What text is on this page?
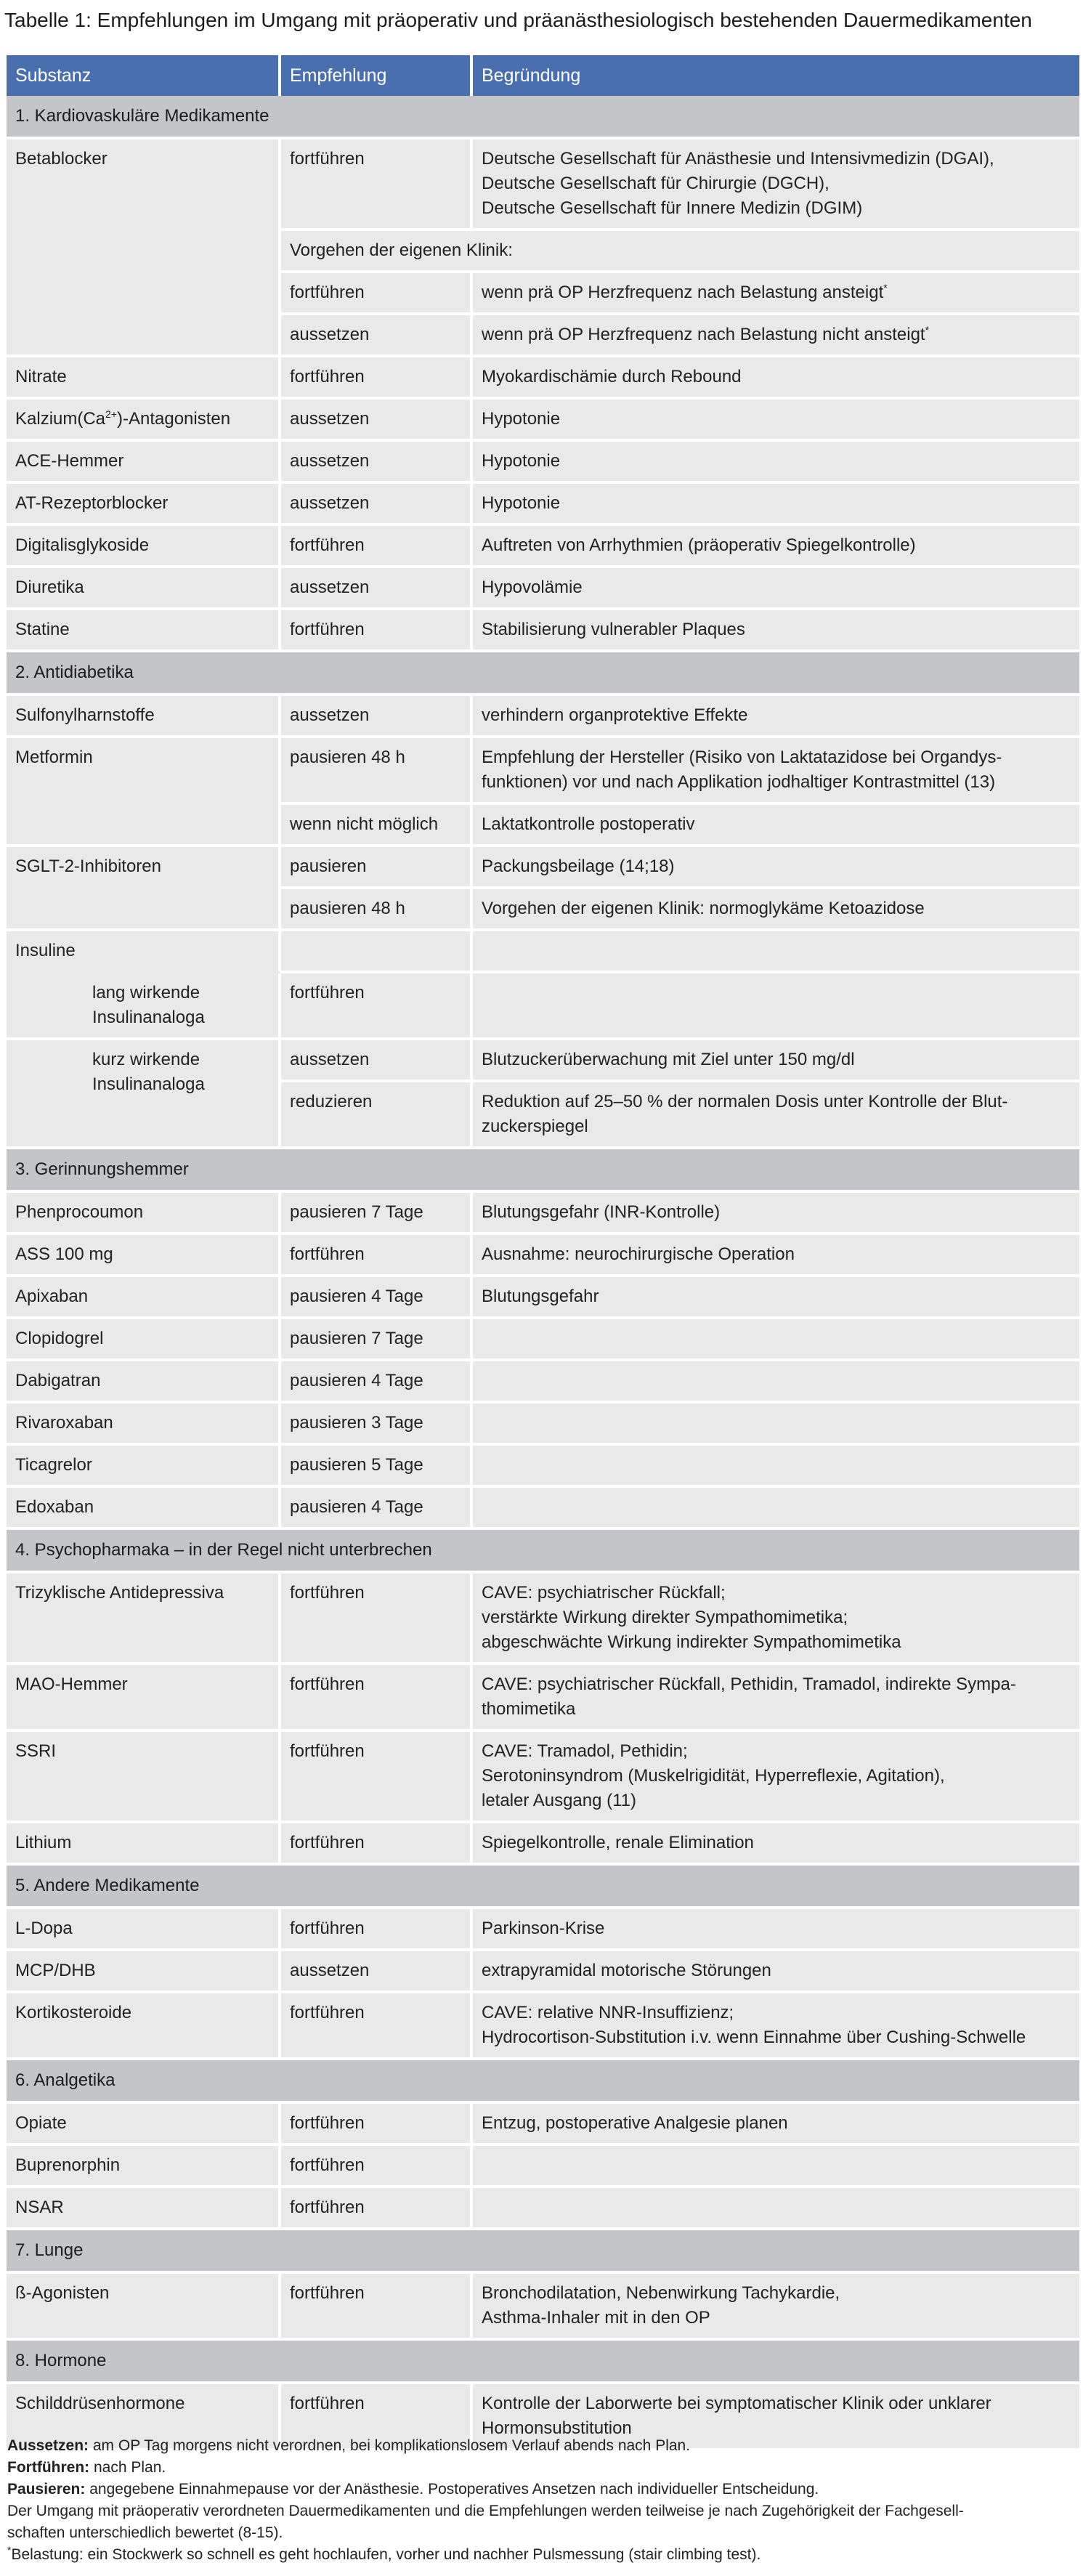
Tabelle 1: Empfehlungen im Umgang mit präoperativ und präanästhesiologisch bestehenden Dauermedikamenten
Substanz	Empfehlung	Begründung
1. Kardiovaskuläre Medikamente		
Betablocker	fortführen	Deutsche Gesellschaft für Anästhesie und Intensivmedizin (DGAI),
Deutsche Gesellschaft für Chirurgie (DGCH),
Deutsche Gesellschaft für Innere Medizin (DGIM)

	Vorgehen der eigenen Klinik:	
	fortführen	wenn prä OP Herzfrequenz nach Belastung ansteigt*
	aussetzen	wenn prä OP Herzfrequenz nach Belastung nicht ansteigt*
Nitrate	fortführen	Myokardischämie durch Rebound
$Kalzium(Ca^{2+})$-Antagonisten	aussetzen	Hypotonie
ACE-Hemmer	aussetzen	Hypotonie
AT-Rezeptorblocker	aussetzen	Hypotonie
Digitalisglykoside	fortführen	Auftreten von Arrhythmien (präoperativ Spiegelkontrolle)
Diuretika	aussetzen	Hypovolämie
Statine	fortführen	Stabilisierung vulnerabler Plaques
2. Antidiabetika		
Sulfonylharnstoffe	aussetzen	verhindern organprotektive Effekte
Metformin	pausieren 48 h	Empfehlung der Hersteller (Risiko von Laktatazidose bei Organdys-
funktionen) vor und nach Applikation jodhaltiger Kontrastmittel (13)

	wenn nicht möglich	Laktatkontrolle postoperativ
SGLT-2-Inhibitoren	pausieren	Packungsbeilage (14;18)
	pausieren 48 h	Vorgehen der eigenen Klinik: normoglykäme Ketoazidose
Insuline		

lang wirkende
Insulinanaloga	fortführen	

kurz wirkende
Insulinanaloga	aussetzen	Blutzuckerüberwachung mit Ziel unter 150 mg/dl
	reduzieren	Reduktion auf 25–50 % der normalen Dosis unter Kontrolle der Blut-
zuckerspiegel

3. Gerinnungshemmer		
Phenprocoumon	pausieren 7 Tage	Blutungsgefahr (INR-Kontrolle)
ASS 100 mg	fortführen	Ausnahme: neurochirurgische Operation
Apixaban	pausieren 4 Tage	Blutungsgefahr
Clopidogrel	pausieren 7 Tage	
Dabigatran	pausieren 4 Tage	
Rivaroxaban	pausieren 3 Tage	
Ticagrelor	pausieren 5 Tage	
Edoxaban	pausieren 4 Tage	
4. Psychopharmaka – in der Regel nicht unterbrechen		
Trizyklische Antidepressiva	fortführen	CAVE: psychiatrischer Rückfall;
verstärkte Wirkung direkter Sympathomimetika;
abgeschwächte Wirkung indirekter Sympathomimetika

MAO-Hemmer	fortführen	CAVE: psychiatrischer Rückfall, Pethidin, Tramadol, indirekte Sympa-
thomimetika

SSRI	fortführen	CAVE: Tramadol, Pethidin;
Serotoninsyndrom (Muskelrigidität, Hyperreflexie, Agitation),
letaler Ausgang (11)

Lithium	fortführen	Spiegelkontrolle, renale Elimination
5. Andere Medikamente		
L-Dopa	fortführen	Parkinson-Krise
MCP/DHB	aussetzen	extrapyramidal motorische Störungen
Kortikosteroide	fortführen	CAVE: relative NNR-Insuffizienz;
Hydrocortison-Substitution i.v. wenn Einnahme über Cushing-Schwelle

6. Analgetika		
Opiate	fortführen	Entzug, postoperative Analgesie planen
Buprenorphin	fortführen	
NSAR	fortführen	
7. Lunge		
ß-Agonisten	fortführen	Bronchodilatation, Nebenwirkung Tachykardie,
Asthma-Inhaler mit in den OP

8. Hormone		
Schilddrüsenhormone	fortführen	Kontrolle der Laborwerte bei symptomatischer Klinik oder unklarer
Hormonsubstitution

Aussetzen: am OP Tag morgens nicht verordnen, bei komplikationslosem Verlauf abends nach Plan.

Fortführen: nach Plan.

Pausieren: angegebene Einnahmepause vor der Anästhesie. Postoperatives Ansetzen nach individueller Entscheidung.

Der Umgang mit präoperativ verordneten Dauermedikamenten und die Empfehlungen werden teilweise je nach Zugehörigkeit der Fachgesell-

schaften unterschiedlich bewertet (8-15).

*Belastung: ein Stockwerk so schnell es geht hochlaufen, vorher und nachher Pulsmessung (stair climbing test).
